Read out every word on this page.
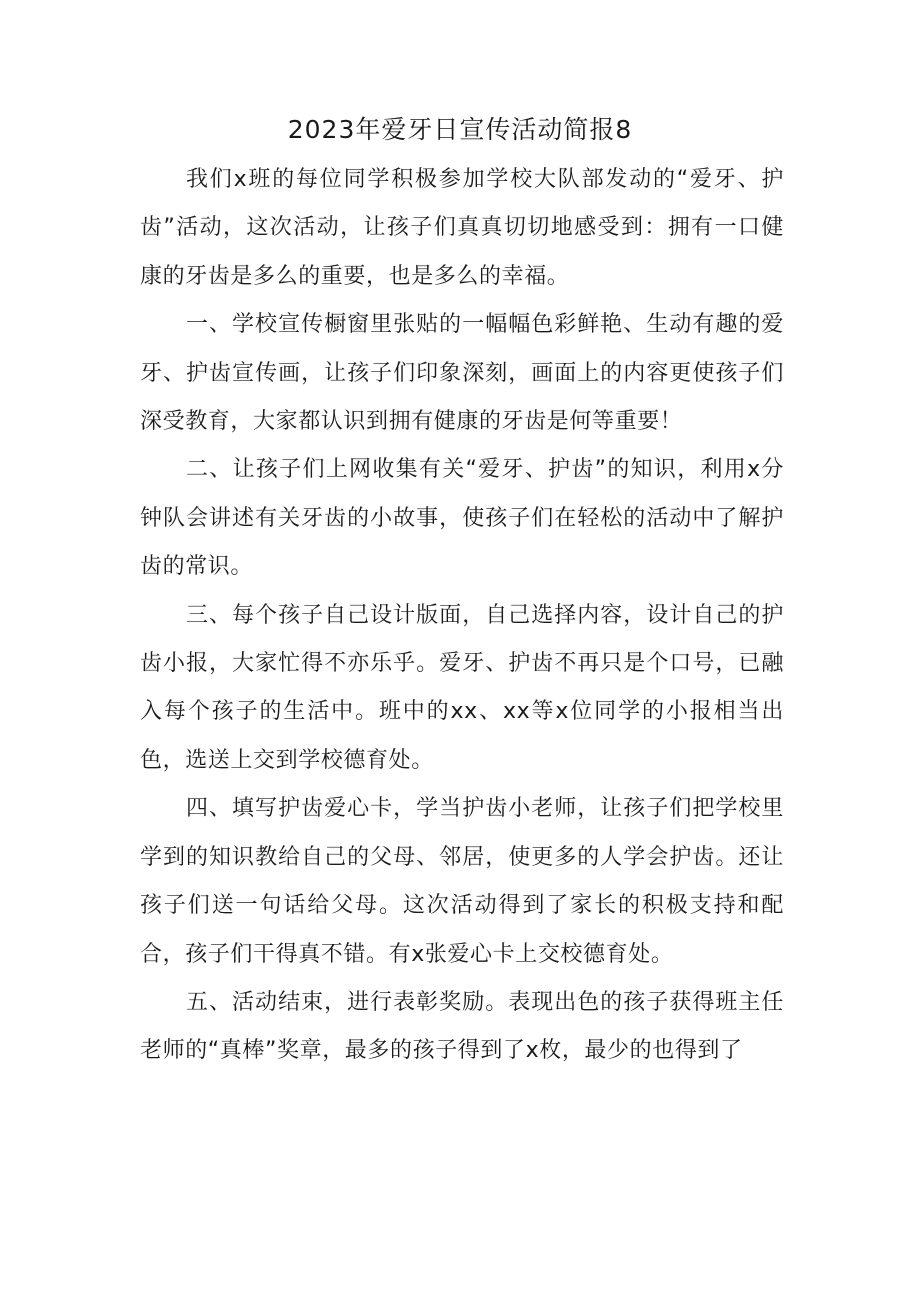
2023年爱牙日宣传活动简报8

我们x班的每位同学积极参加学校大队部发动的“爱牙、护齿”活动，这次活动，让孩子们真真切切地感受到：拥有一口健康的牙齿是多么的重要，也是多么的幸福。

一、学校宣传橱窗里张贴的一幅幅色彩鲜艳、生动有趣的爱牙、护齿宣传画，让孩子们印象深刻，画面上的内容更使孩子们深受教育，大家都认识到拥有健康的牙齿是何等重要！

二、让孩子们上网收集有关“爱牙、护齿”的知识，利用x分钟队会讲述有关牙齿的小故事，使孩子们在轻松的活动中了解护齿的常识。

三、每个孩子自己设计版面，自己选择内容，设计自己的护齿小报，大家忙得不亦乐乎。爱牙、护齿不再只是个口号，已融入每个孩子的生活中。班中的xx、xx等x位同学的小报相当出色，选送上交到学校德育处。

四、填写护齿爱心卡，学当护齿小老师，让孩子们把学校里学到的知识教给自己的父母、邻居，使更多的人学会护齿。还让孩子们送一句话给父母。这次活动得到了家长的积极支持和配合，孩子们干得真不错。有x张爱心卡上交校德育处。

五、活动结束，进行表彰奖励。表现出色的孩子获得班主任老师的“真棒”奖章，最多的孩子得到了x枚，最少的也得到了
